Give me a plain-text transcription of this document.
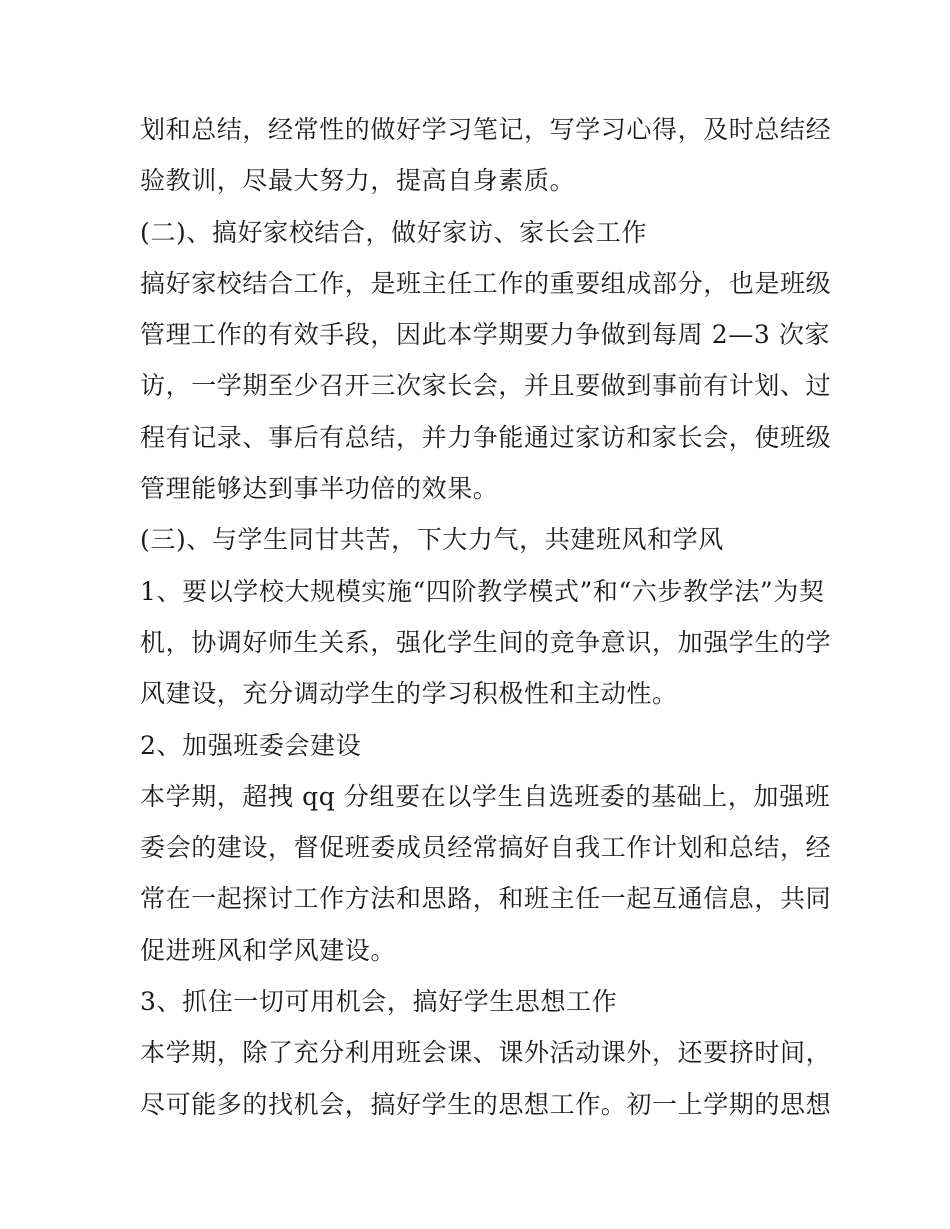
划和总结，经常性的做好学习笔记，写学习心得，及时总结经
验教训，尽最大努力，提高自身素质。
(二)、搞好家校结合，做好家访、家长会工作
搞好家校结合工作，是班主任工作的重要组成部分，也是班级
管理工作的有效手段，因此本学期要力争做到每周 2—3 次家
访，一学期至少召开三次家长会，并且要做到事前有计划、过
程有记录、事后有总结，并力争能通过家访和家长会，使班级
管理能够达到事半功倍的效果。
(三)、与学生同甘共苦，下大力气，共建班风和学风
1、要以学校大规模实施“四阶教学模式”和“六步教学法”为契
机，协调好师生关系，强化学生间的竞争意识，加强学生的学
风建设，充分调动学生的学习积极性和主动性。
2、加强班委会建设
本学期，超拽 qq 分组要在以学生自选班委的基础上，加强班
委会的建设，督促班委成员经常搞好自我工作计划和总结，经
常在一起探讨工作方法和思路，和班主任一起互通信息，共同
促进班风和学风建设。
3、抓住一切可用机会，搞好学生思想工作
本学期，除了充分利用班会课、课外活动课外，还要挤时间，
尽可能多的找机会，搞好学生的思想工作。初一上学期的思想
